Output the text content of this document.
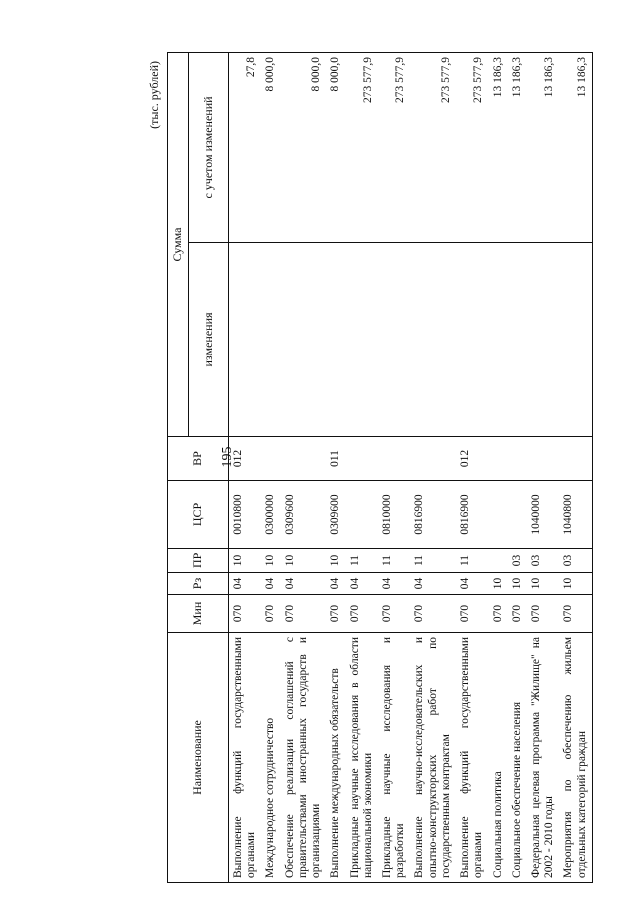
195
(тыс. рублей)
Наименование	Мин	Рз	ПР	ЦСР	ВР	Сумма	
						изменения	с учетом изменений
Выполнение функций государственными органами	070	04	10	0010800	012		27,8
Международное сотрудничество	070	04	10	0300000			8 000,0
Обеспечение реализации соглашений с правительствами иностранных государств и организациями	070	04	10	0309600			8 000,0
Выполнение международных обязательств	070	04	10	0309600	011		8 000,0
Прикладные научные исследования в области национальной экономики	070	04	11				273 577,9
Прикладные научные исследования и разработки	070	04	11	0810000			273 577,9
Выполнение научно-исследовательских и опытно-конструкторских работ по государственным контрактам	070	04	11	0816900			273 577,9
Выполнение функций государственными органами	070	04	11	0816900	012		273 577,9
Социальная политика	070	10					13 186,3
Социальное обеспечение населения	070	10	03				13 186,3
Федеральная целевая программа "Жилище" на 2002 - 2010 годы	070	10	03	1040000			13 186,3
Мероприятия по обеспечению жильем отдельных категорий граждан	070	10	03	1040800			13 186,3
